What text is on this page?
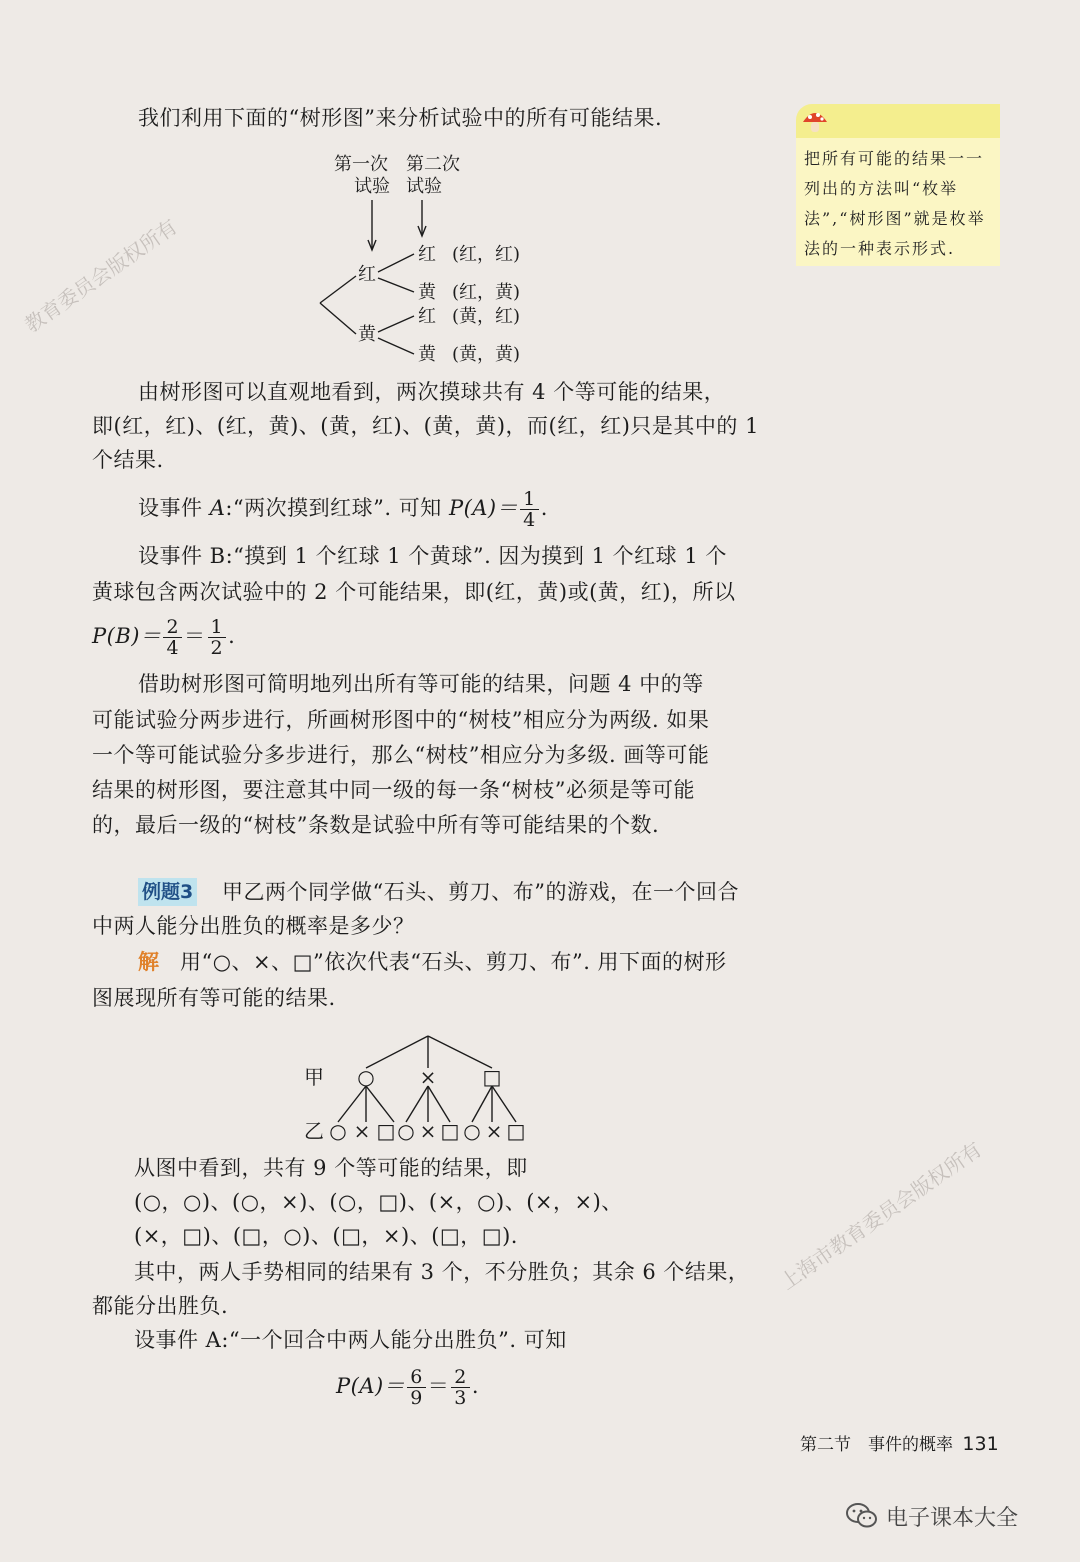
教育委员会版权所有
上海市教育委员会版权所有
我们利用下面的“树形图”来分析试验中的所有可能结果.
把所有可能的结果一一列出的方法叫“枚举法”,“树形图”就是枚举法的一种表示形式.
第一次
试验
第二次
试验
红
黄
红
黄
红
黄
(红，红)
(红，黄)
(黄，红)
(黄，黄)
由树形图可以直观地看到，两次摸球共有 4 个等可能的结果，
即(红，红)、(红，黄)、(黄，红)、(黄，黄)，而(红，红)只是其中的 1
个结果.
设事件 A:“两次摸到红球”. 可知 $P(A)= \frac{1}{4}$ .
设事件 B:“摸到 1 个红球 1 个黄球”. 因为摸到 1 个红球 1 个
黄球包含两次试验中的 2 个可能结果，即(红，黄)或(黄，红)，所以
$P(B)= \frac{2}{4} = \frac{1}{2}$ .
借助树形图可简明地列出所有等可能的结果，问题 4 中的等
可能试验分两步进行，所画树形图中的“树枝”相应分为两级. 如果
一个等可能试验分多步进行，那么“树枝”相应分为多级. 画等可能
结果的树形图，要注意其中同一级的每一条“树枝”必须是等可能
的，最后一级的“树枝”条数是试验中所有等可能结果的个数.
例题3 甲乙两个同学做“石头、剪刀、布”的游戏，在一个回合
中两人能分出胜负的概率是多少？
解 用“○、×、□”依次代表“石头、剪刀、布”. 用下面的树形
图展现所有等可能的结果.
甲
乙
○ × □
○ × □ ○ × □ ○ × □
从图中看到，共有 9 个等可能的结果，即
(○，○)、(○，×)、(○，□)、(×，○)、(×，×)、
(×，□)、(□，○)、(□，×)、(□，□).
其中，两人手势相同的结果有 3 个，不分胜负；其余 6 个结果，
都能分出胜负.
设事件 A:“一个回合中两人能分出胜负”. 可知
$P(A)= \frac{6}{9} = \frac{2}{3}$ .
第二节　事件的概率 131
电子课本大全
